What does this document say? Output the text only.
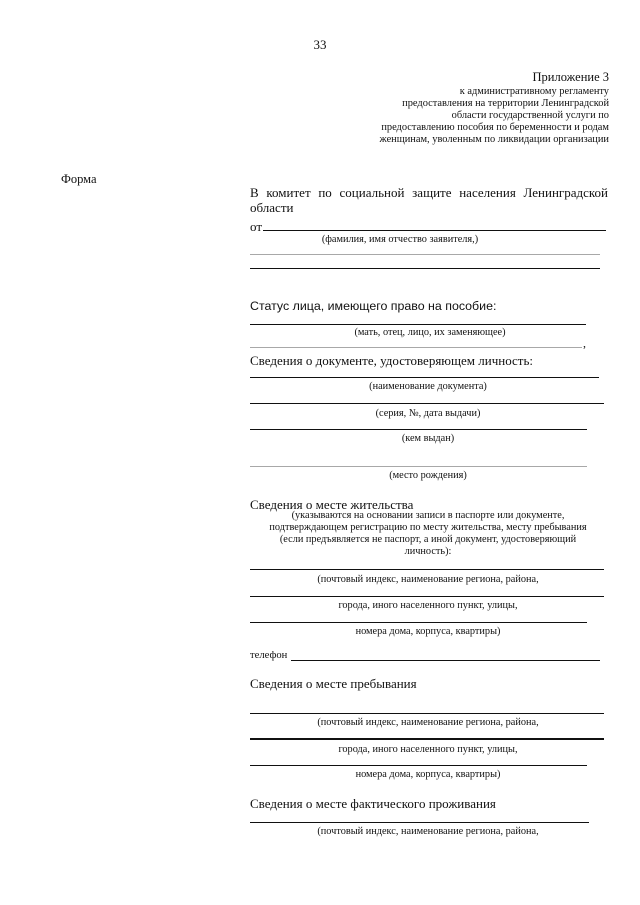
33
Приложение 3
к административному регламенту
предоставления на территории Ленинградской
области государственной услуги по
предоставлению пособия по беременности и родам
женщинам, уволенным по ликвидации организации
Форма
В комитет по социальной защите населения Ленинградской области
от
(фамилия, имя отчество заявителя,)
Статус лица, имеющего право на пособие:
(мать, отец, лицо, их заменяющее)
,
Сведения о документе, удостоверяющем личность:
(наименование документа)
(серия, №, дата выдачи)
(кем выдан)
(место рождения)
Сведения о месте жительства
(указываются на основании записи в паспорте или документе,
подтверждающем регистрацию по месту жительства, месту пребывания
(если предъявляется не паспорт, а иной документ, удостоверяющий
личность):
(почтовый индекс, наименование региона, района,
города, иного населенного пункт, улицы,
номера дома, корпуса, квартиры)
телефон
Сведения о месте пребывания
(почтовый индекс, наименование региона, района,
города, иного населенного пункт, улицы,
номера дома, корпуса, квартиры)
Сведения о месте фактического проживания
(почтовый индекс, наименование региона, района,
